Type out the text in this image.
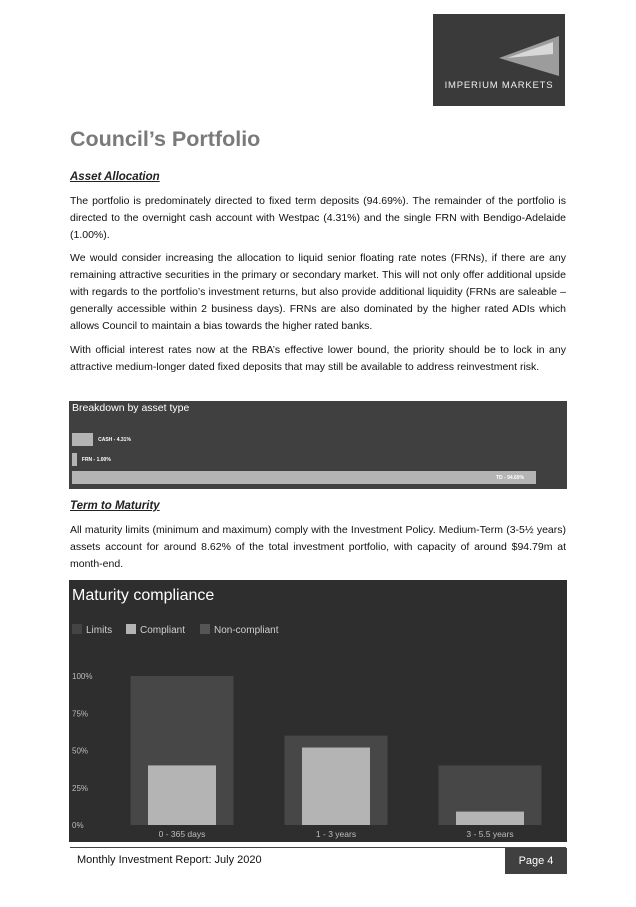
IMPERIUM MARKETS
Council’s Portfolio
Asset Allocation

The portfolio is predominately directed to fixed term deposits (94.69%). The remainder of the portfolio is directed to the overnight cash account with Westpac (4.31%) and the single FRN with Bendigo-Adelaide (1.00%).

We would consider increasing the allocation to liquid senior floating rate notes (FRNs), if there are any remaining attractive securities in the primary or secondary market. This will not only offer additional upside with regards to the portfolio’s investment returns, but also provide additional liquidity (FRNs are saleable – generally accessible within 2 business days). FRNs are also dominated by the higher rated ADIs which allows Council to maintain a bias towards the higher rated banks.

With official interest rates now at the RBA’s effective lower bound, the priority should be to lock in any attractive medium-longer dated fixed deposits that may still be available to address reinvestment risk.

Breakdown by asset type
CASH - 4.31%
FRN - 1.00%
TD - 94.69%
Term to Maturity

All maturity limits (minimum and maximum) comply with the Investment Policy. Medium-Term (3-5½ years) assets account for around 8.62% of the total investment portfolio, with capacity of around $94.79m at month-end.

Maturity compliance
Limits	Compliant	Non-compliant
100%
75%
50%
25%
0%
0 - 365 days	1 - 3 years	3 - 5.5 years
Monthly Investment Report: July 2020	Page 4
